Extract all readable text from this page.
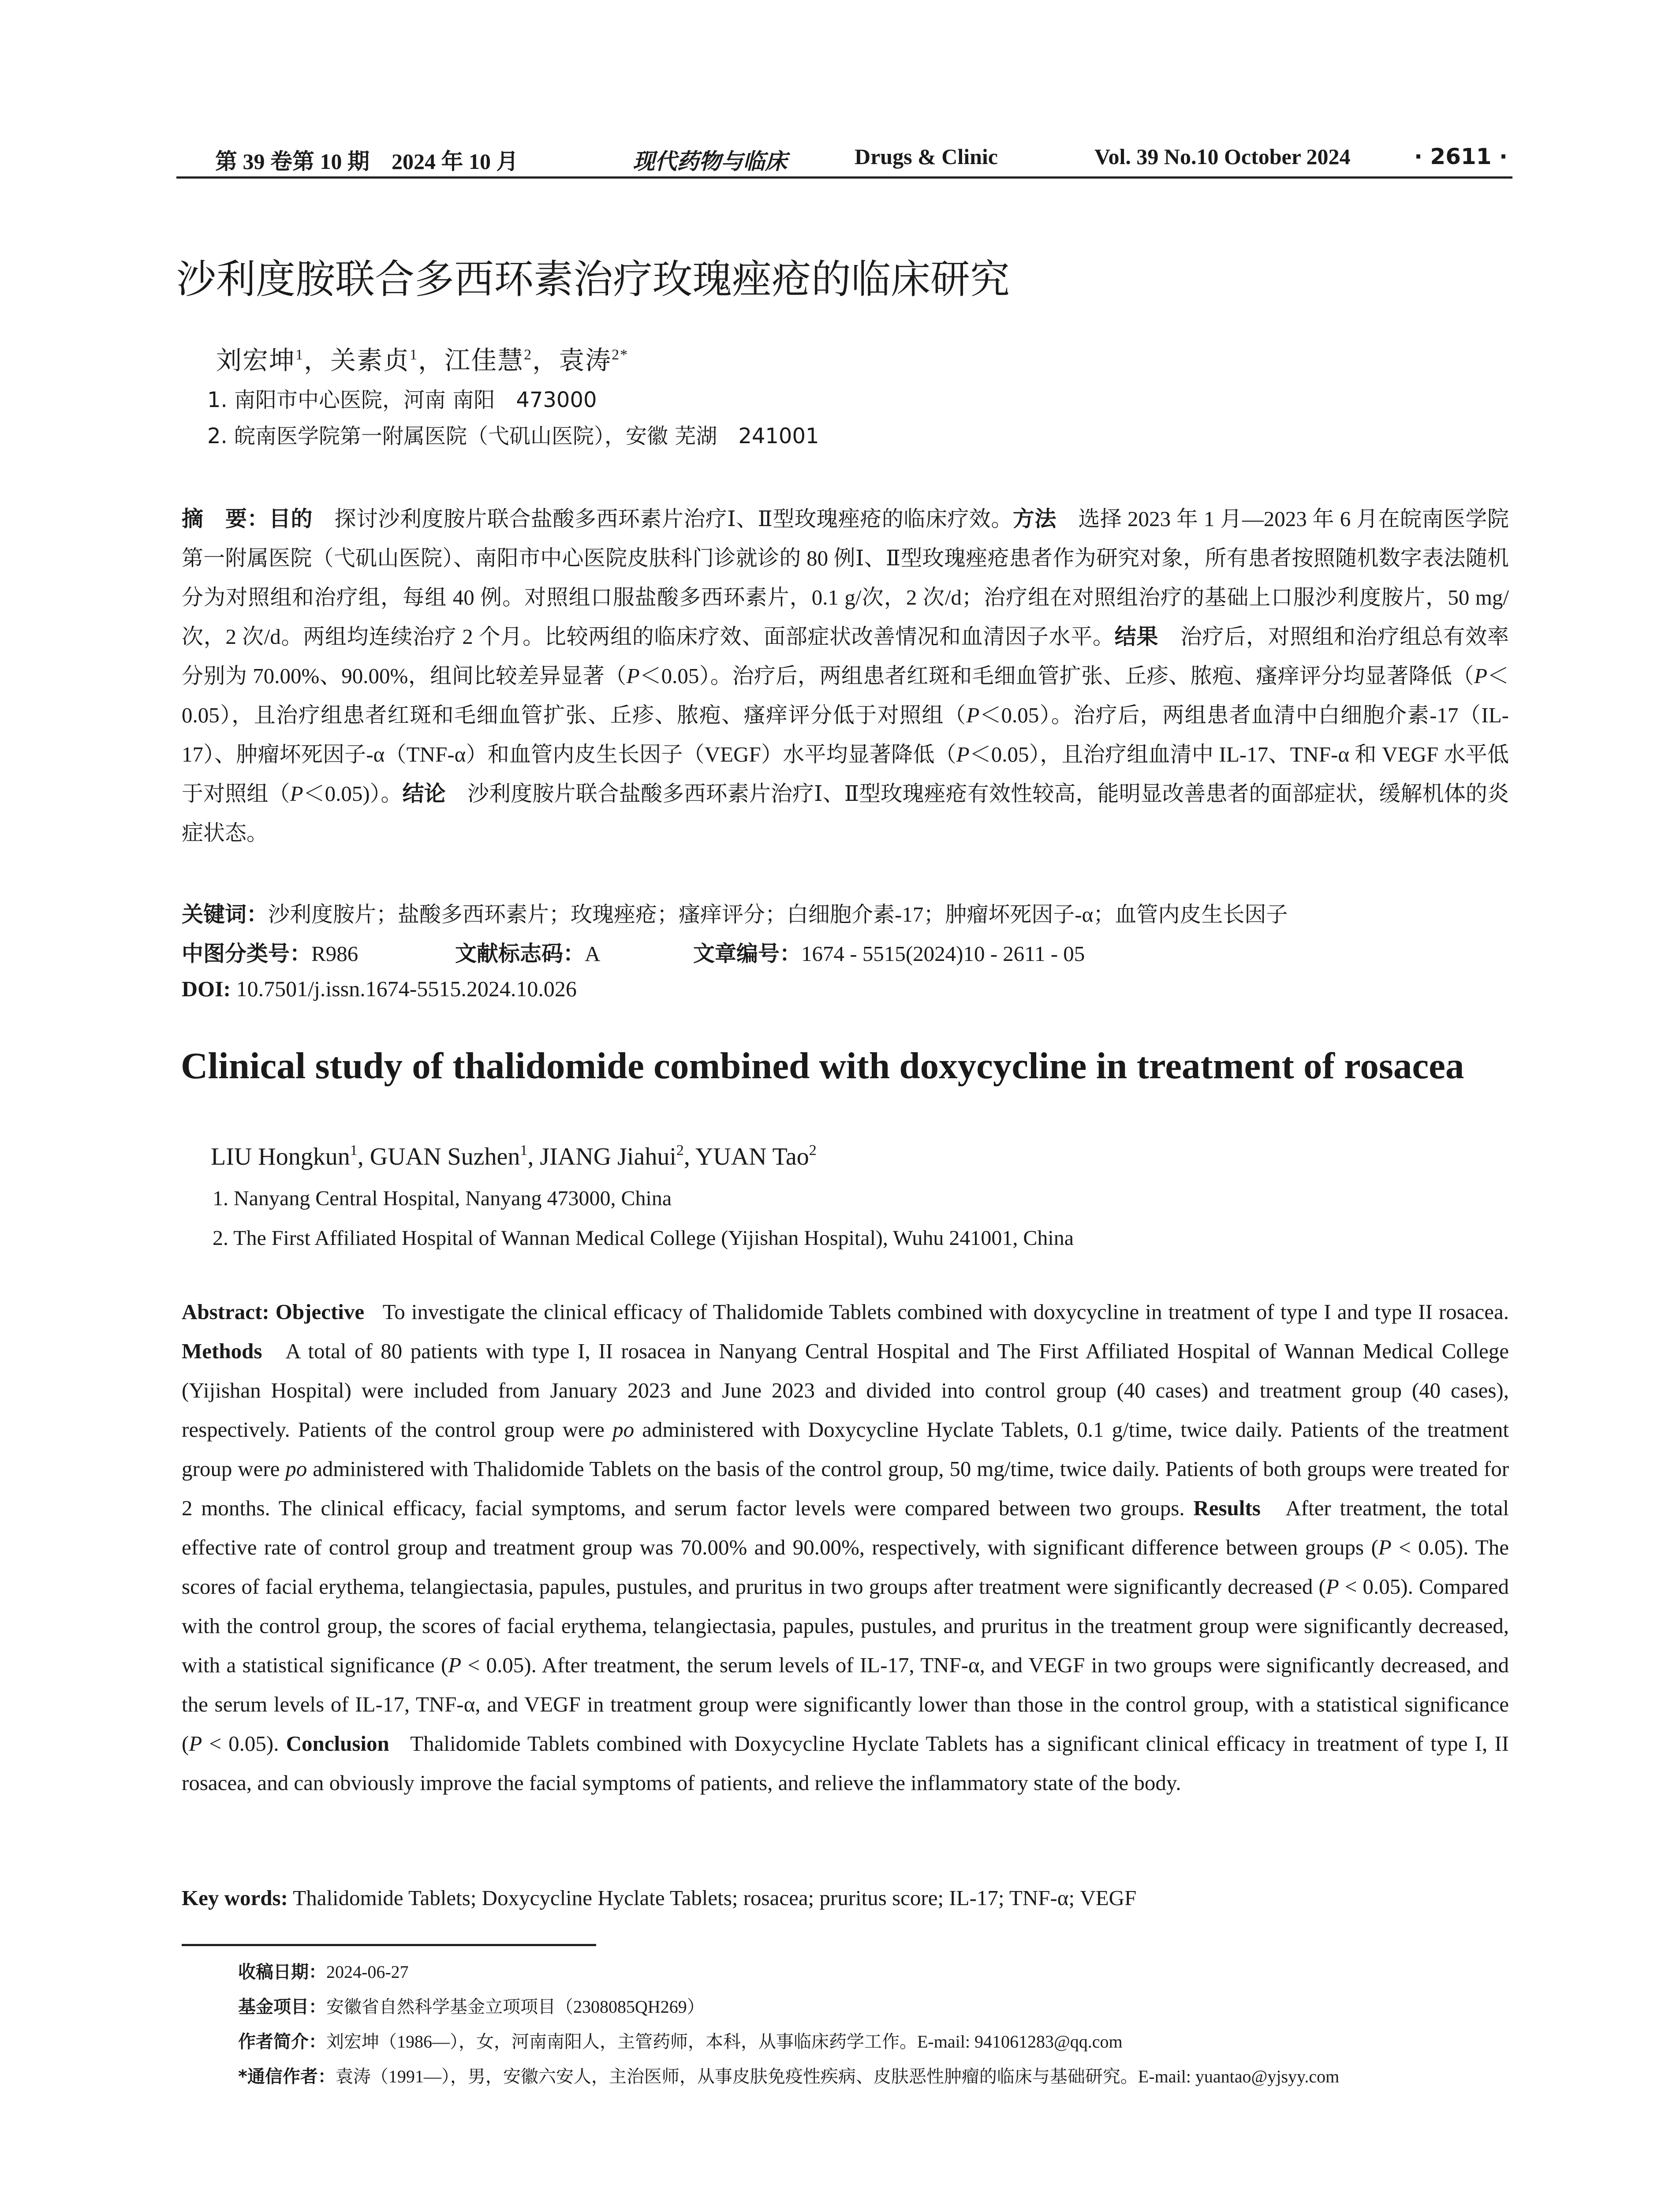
第 39 卷第 10 期　2024 年 10 月	现代药物与临床	Drugs & Clinic	Vol. 39 No.10 October 2024	· 2611 ·
沙利度胺联合多西环素治疗玫瑰痤疮的临床研究
刘宏坤$^1$，关素贞$^1$，江佳慧$^2$，袁涛$^{2*}$
1. 南阳市中心医院，河南 南阳　473000
2. 皖南医学院第一附属医院（弋矶山医院），安徽 芜湖　241001
摘　要：目的　 探讨沙利度胺片联合盐酸多西环素片治疗Ⅰ、Ⅱ型玫瑰痤疮的临床疗效。方法　 选择 2023 年 1 月—2023 年 6 月在皖南医学院第一附属医院（弋矶山医院）、南阳市中心医院皮肤科门诊就诊的 80 例Ⅰ、Ⅱ型玫瑰痤疮患者作为研究对象，所有患者按照随机数字表法随机分为对照组和治疗组，每组 40 例。对照组口服盐酸多西环素片，0.1 g/次，2 次/d；治疗组在对照组治疗的基础上口服沙利度胺片，50 mg/次，2 次/d。两组均连续治疗 2 个月。比较两组的临床疗效、面部症状改善情况和血清因子水平。结果　 治疗后，对照组和治疗组总有效率分别为 70.00%、90.00%，组间比较差异显著（P＜0.05）。治疗后，两组患者红斑和毛细血管扩张、丘疹、脓疱、瘙痒评分均显著降低（P＜0.05），且治疗组患者红斑和毛细血管扩张、丘疹、脓疱、瘙痒评分低于对照组（P＜0.05）。治疗后，两组患者血清中白细胞介素-17（IL-17）、肿瘤坏死因子-α（TNF-α）和血管内皮生长因子（VEGF）水平均显著降低（P＜0.05），且治疗组血清中 IL-17、TNF-α 和 VEGF 水平低于对照组（P＜0.05)）。结论　 沙利度胺片联合盐酸多西环素片治疗Ⅰ、Ⅱ型玫瑰痤疮有效性较高，能明显改善患者的面部症状，缓解机体的炎症状态。
关键词：沙利度胺片；盐酸多西环素片；玫瑰痤疮；瘙痒评分；白细胞介素-17；肿瘤坏死因子-α；血管内皮生长因子
中图分类号：R986	文献标志码：A	文章编号：1674 - 5515(2024)10 - 2611 - 05
DOI: 10.7501/j.issn.1674-5515.2024.10.026
Clinical study of thalidomide combined with doxycycline in treatment of rosacea
LIU Hongkun$^1$, GUAN Suzhen$^1$, JIANG Jiahui$^2$, YUAN Tao$^2$
1. Nanyang Central Hospital, Nanyang 473000, China
2. The First Affiliated Hospital of Wannan Medical College (Yijishan Hospital), Wuhu 241001, China
Abstract: Objective To investigate the clinical efficacy of Thalidomide Tablets combined with doxycycline in treatment of type I and type II rosacea. Methods A total of 80 patients with type I, II rosacea in Nanyang Central Hospital and The First Affiliated Hospital of Wannan Medical College (Yijishan Hospital) were included from January 2023 and June 2023 and divided into control group (40 cases) and treatment group (40 cases), respectively. Patients of the control group were po administered with Doxycycline Hyclate Tablets, 0.1 g/time, twice daily. Patients of the treatment group were po administered with Thalidomide Tablets on the basis of the control group, 50 mg/time, twice daily. Patients of both groups were treated for 2 months. The clinical efficacy, facial symptoms, and serum factor levels were compared between two groups. Results After treatment, the total effective rate of control group and treatment group was 70.00% and 90.00%, respectively, with significant difference between groups (P < 0.05). The scores of facial erythema, telangiectasia, papules, pustules, and pruritus in two groups after treatment were significantly decreased (P < 0.05). Compared with the control group, the scores of facial erythema, telangiectasia, papules, pustules, and pruritus in the treatment group were significantly decreased, with a statistical significance (P < 0.05). After treatment, the serum levels of IL-17, TNF-α, and VEGF in two groups were significantly decreased, and the serum levels of IL-17, TNF-α, and VEGF in treatment group were significantly lower than those in the control group, with a statistical significance (P < 0.05). Conclusion Thalidomide Tablets combined with Doxycycline Hyclate Tablets has a significant clinical efficacy in treatment of type I, II rosacea, and can obviously improve the facial symptoms of patients, and relieve the inflammatory state of the body.
Key words: Thalidomide Tablets; Doxycycline Hyclate Tablets; rosacea; pruritus score; IL-17; TNF-α; VEGF
收稿日期：2024-06-27
基金项目：安徽省自然科学基金立项项目（2308085QH269）
作者简介：刘宏坤（1986—），女，河南南阳人，主管药师，本科，从事临床药学工作。E-mail: 941061283@qq.com
*通信作者：袁涛（1991—），男，安徽六安人，主治医师，从事皮肤免疫性疾病、皮肤恶性肿瘤的临床与基础研究。E-mail: yuantao@yjsyy.com
